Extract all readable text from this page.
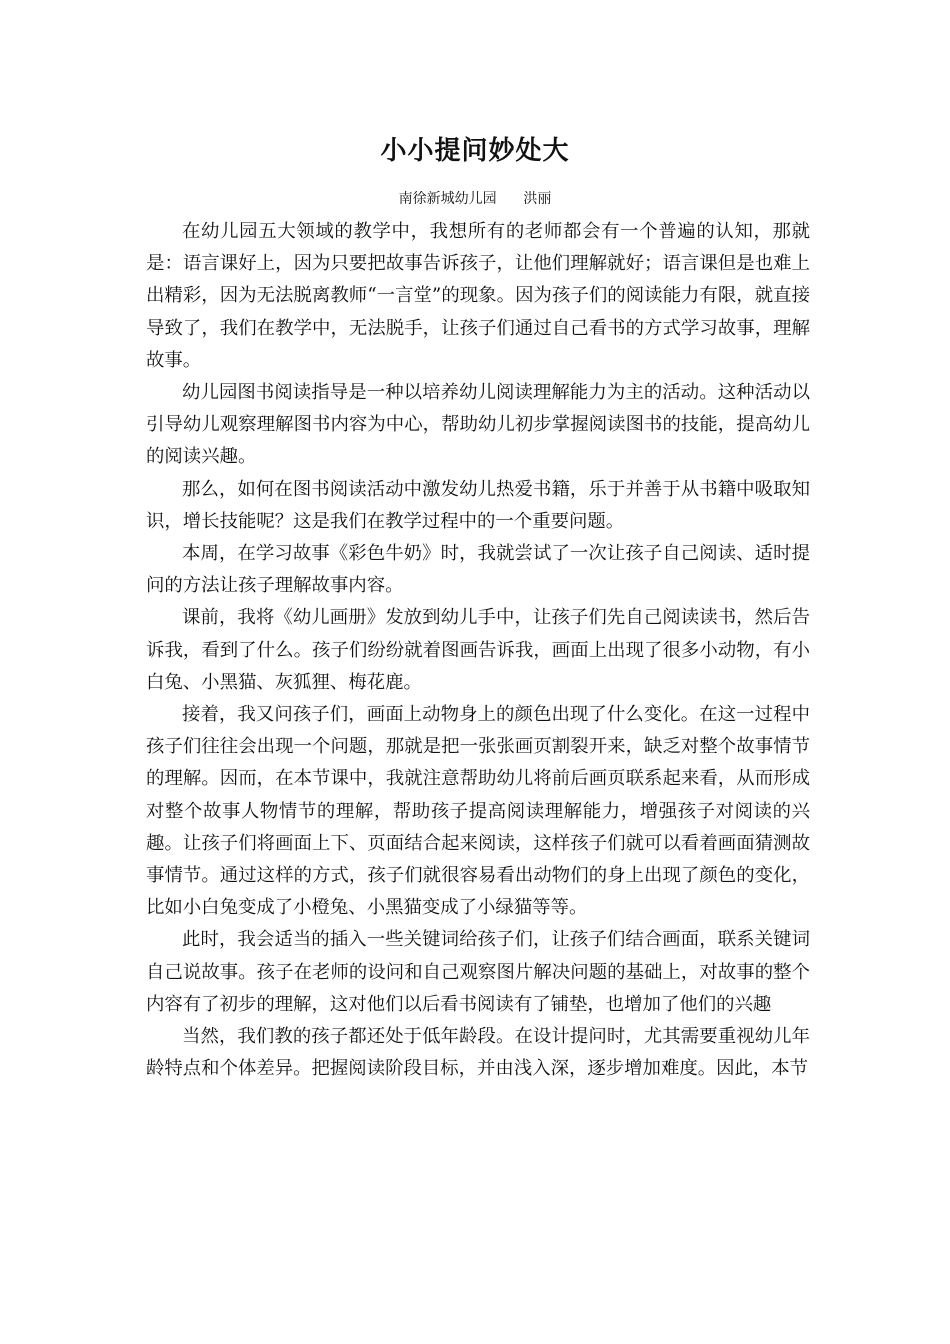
小小提问妙处大
南徐新城幼儿园      洪丽

在幼儿园五大领域的教学中，我想所有的老师都会有一个普遍的认知，那就是：语言课好上，因为只要把故事告诉孩子，让他们理解就好；语言课但是也难上出精彩，因为无法脱离教师“一言堂”的现象。因为孩子们的阅读能力有限，就直接导致了，我们在教学中，无法脱手，让孩子们通过自己看书的方式学习故事，理解故事。

幼儿园图书阅读指导是一种以培养幼儿阅读理解能力为主的活动。这种活动以引导幼儿观察理解图书内容为中心，帮助幼儿初步掌握阅读图书的技能，提高幼儿的阅读兴趣。

那么，如何在图书阅读活动中激发幼儿热爱书籍，乐于并善于从书籍中吸取知识，增长技能呢？这是我们在教学过程中的一个重要问题。

本周，在学习故事《彩色牛奶》时，我就尝试了一次让孩子自己阅读、适时提问的方法让孩子理解故事内容。

课前，我将《幼儿画册》发放到幼儿手中，让孩子们先自己阅读读书，然后告诉我，看到了什么。孩子们纷纷就着图画告诉我，画面上出现了很多小动物，有小白兔、小黑猫、灰狐狸、梅花鹿。

接着，我又问孩子们，画面上动物身上的颜色出现了什么变化。在这一过程中孩子们往往会出现一个问题，那就是把一张张画页割裂开来，缺乏对整个故事情节的理解。因而，在本节课中，我就注意帮助幼儿将前后画页联系起来看，从而形成对整个故事人物情节的理解，帮助孩子提高阅读理解能力，增强孩子对阅读的兴趣。让孩子们将画面上下、页面结合起来阅读，这样孩子们就可以看着画面猜测故事情节。通过这样的方式，孩子们就很容易看出动物们的身上出现了颜色的变化，比如小白兔变成了小橙兔、小黑猫变成了小绿猫等等。

此时，我会适当的插入一些关键词给孩子们，让孩子们结合画面，联系关键词自己说故事。孩子在老师的设问和自己观察图片解决问题的基础上，对故事的整个内容有了初步的理解，这对他们以后看书阅读有了铺垫，也增加了他们的兴趣

当然，我们教的孩子都还处于低年龄段。在设计提问时，尤其需要重视幼儿年龄特点和个体差异。把握阅读阶段目标，并由浅入深，逐步增加难度。因此，本节
